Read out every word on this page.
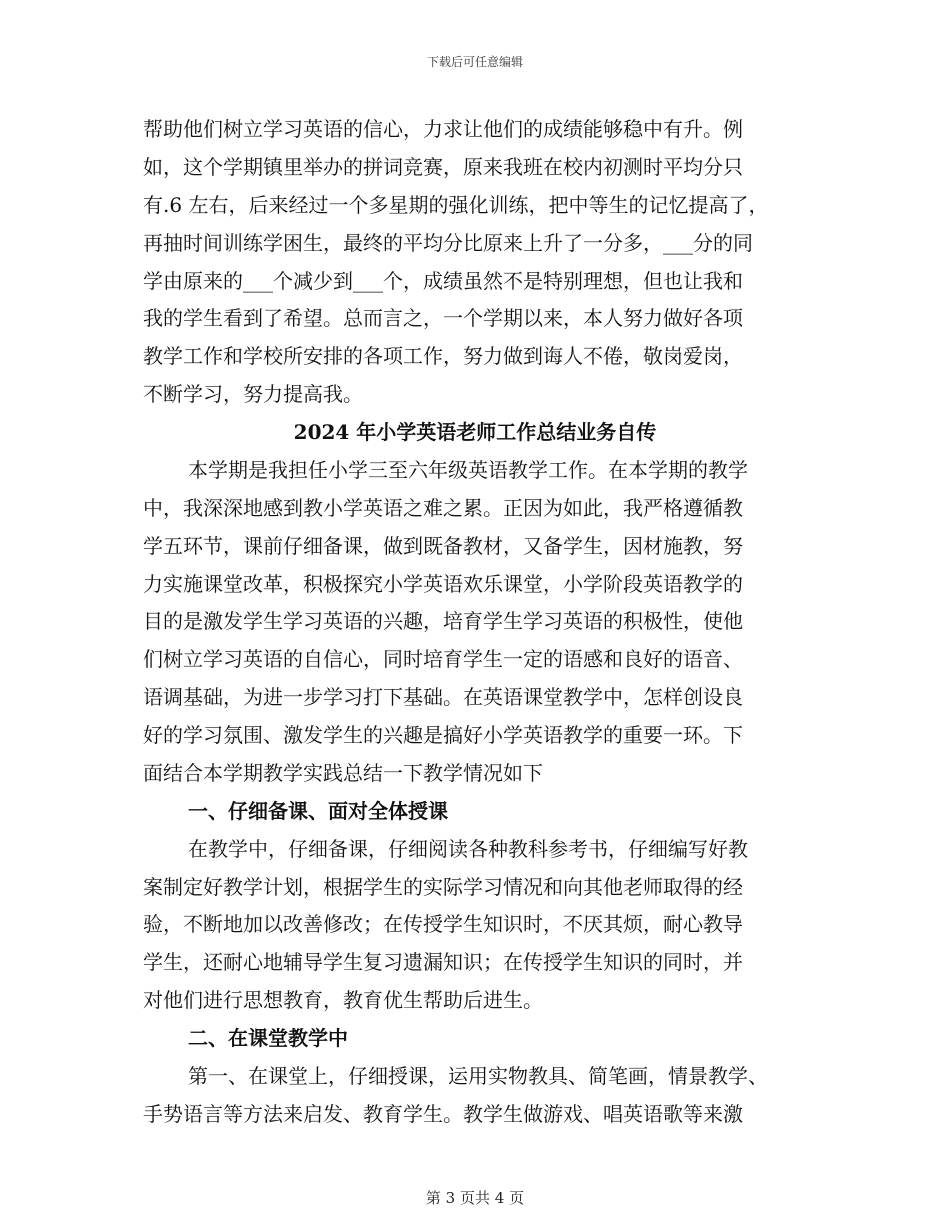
下载后可任意编辑
帮助他们树立学习英语的信心，力求让他们的成绩能够稳中有升。例
如，这个学期镇里举办的拼词竞赛，原来我班在校内初测时平均分只
有.6 左右，后来经过一个多星期的强化训练，把中等生的记忆提高了，
再抽时间训练学困生，最终的平均分比原来上升了一分多，___分的同
学由原来的___个减少到___个，成绩虽然不是特别理想，但也让我和
我的学生看到了希望。总而言之，一个学期以来，本人努力做好各项
教学工作和学校所安排的各项工作，努力做到诲人不倦，敬岗爱岗，
不断学习，努力提高我。
2024 年小学英语老师工作总结业务自传
本学期是我担任小学三至六年级英语教学工作。在本学期的教学
中，我深深地感到教小学英语之难之累。正因为如此，我严格遵循教
学五环节，课前仔细备课，做到既备教材，又备学生，因材施教，努
力实施课堂改革，积极探究小学英语欢乐课堂，小学阶段英语教学的
目的是激发学生学习英语的兴趣，培育学生学习英语的积极性，使他
们树立学习英语的自信心，同时培育学生一定的语感和良好的语音、
语调基础，为进一步学习打下基础。在英语课堂教学中，怎样创设良
好的学习氛围、激发学生的兴趣是搞好小学英语教学的重要一环。下
面结合本学期教学实践总结一下教学情况如下
一、仔细备课、面对全体授课
在教学中，仔细备课，仔细阅读各种教科参考书，仔细编写好教
案制定好教学计划，根据学生的实际学习情况和向其他老师取得的经
验，不断地加以改善修改；在传授学生知识时，不厌其烦，耐心教导
学生，还耐心地辅导学生复习遗漏知识；在传授学生知识的同时，并
对他们进行思想教育，教育优生帮助后进生。
二、在课堂教学中
第一、在课堂上，仔细授课，运用实物教具、简笔画，情景教学、
手势语言等方法来启发、教育学生。教学生做游戏、唱英语歌等来激
第 3 页共 4 页
